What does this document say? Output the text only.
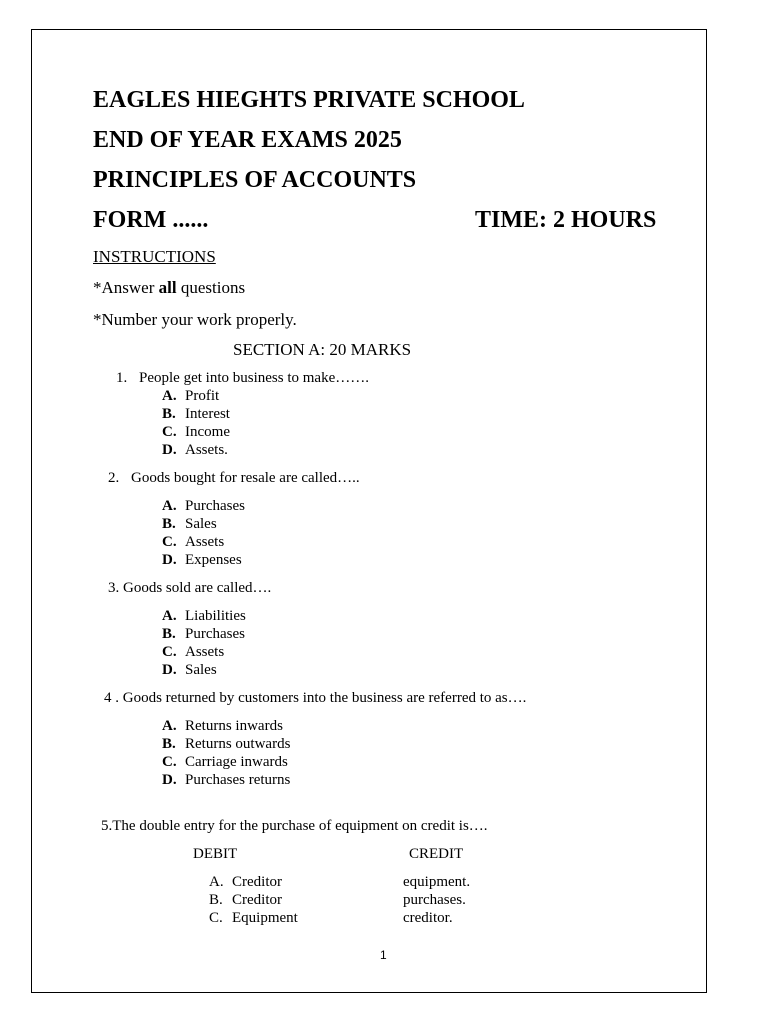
EAGLES HIEGHTS PRIVATE SCHOOL
END OF YEAR EXAMS 2025
PRINCIPLES OF ACCOUNTS
FORM ......	TIME: 2 HOURS
INSTRUCTIONS
*Answer all questions
*Number your work properly.
SECTION A: 20 MARKS
1. People get into business to make…….
A. Profit
B. Interest
C. Income
D. Assets.
2. Goods bought for resale are called…..
A. Purchases
B. Sales
C. Assets
D. Expenses
3. Goods sold are called….
A. Liabilities
B. Purchases
C. Assets
D. Sales
4 . Goods returned by customers into the business are referred to as….
A. Returns inwards
B. Returns outwards
C. Carriage inwards
D. Purchases returns
5.The double entry for the purchase of equipment on credit is….
DEBIT	CREDIT
A. Creditor	equipment.
B. Creditor	purchases.
C. Equipment	creditor.
1
